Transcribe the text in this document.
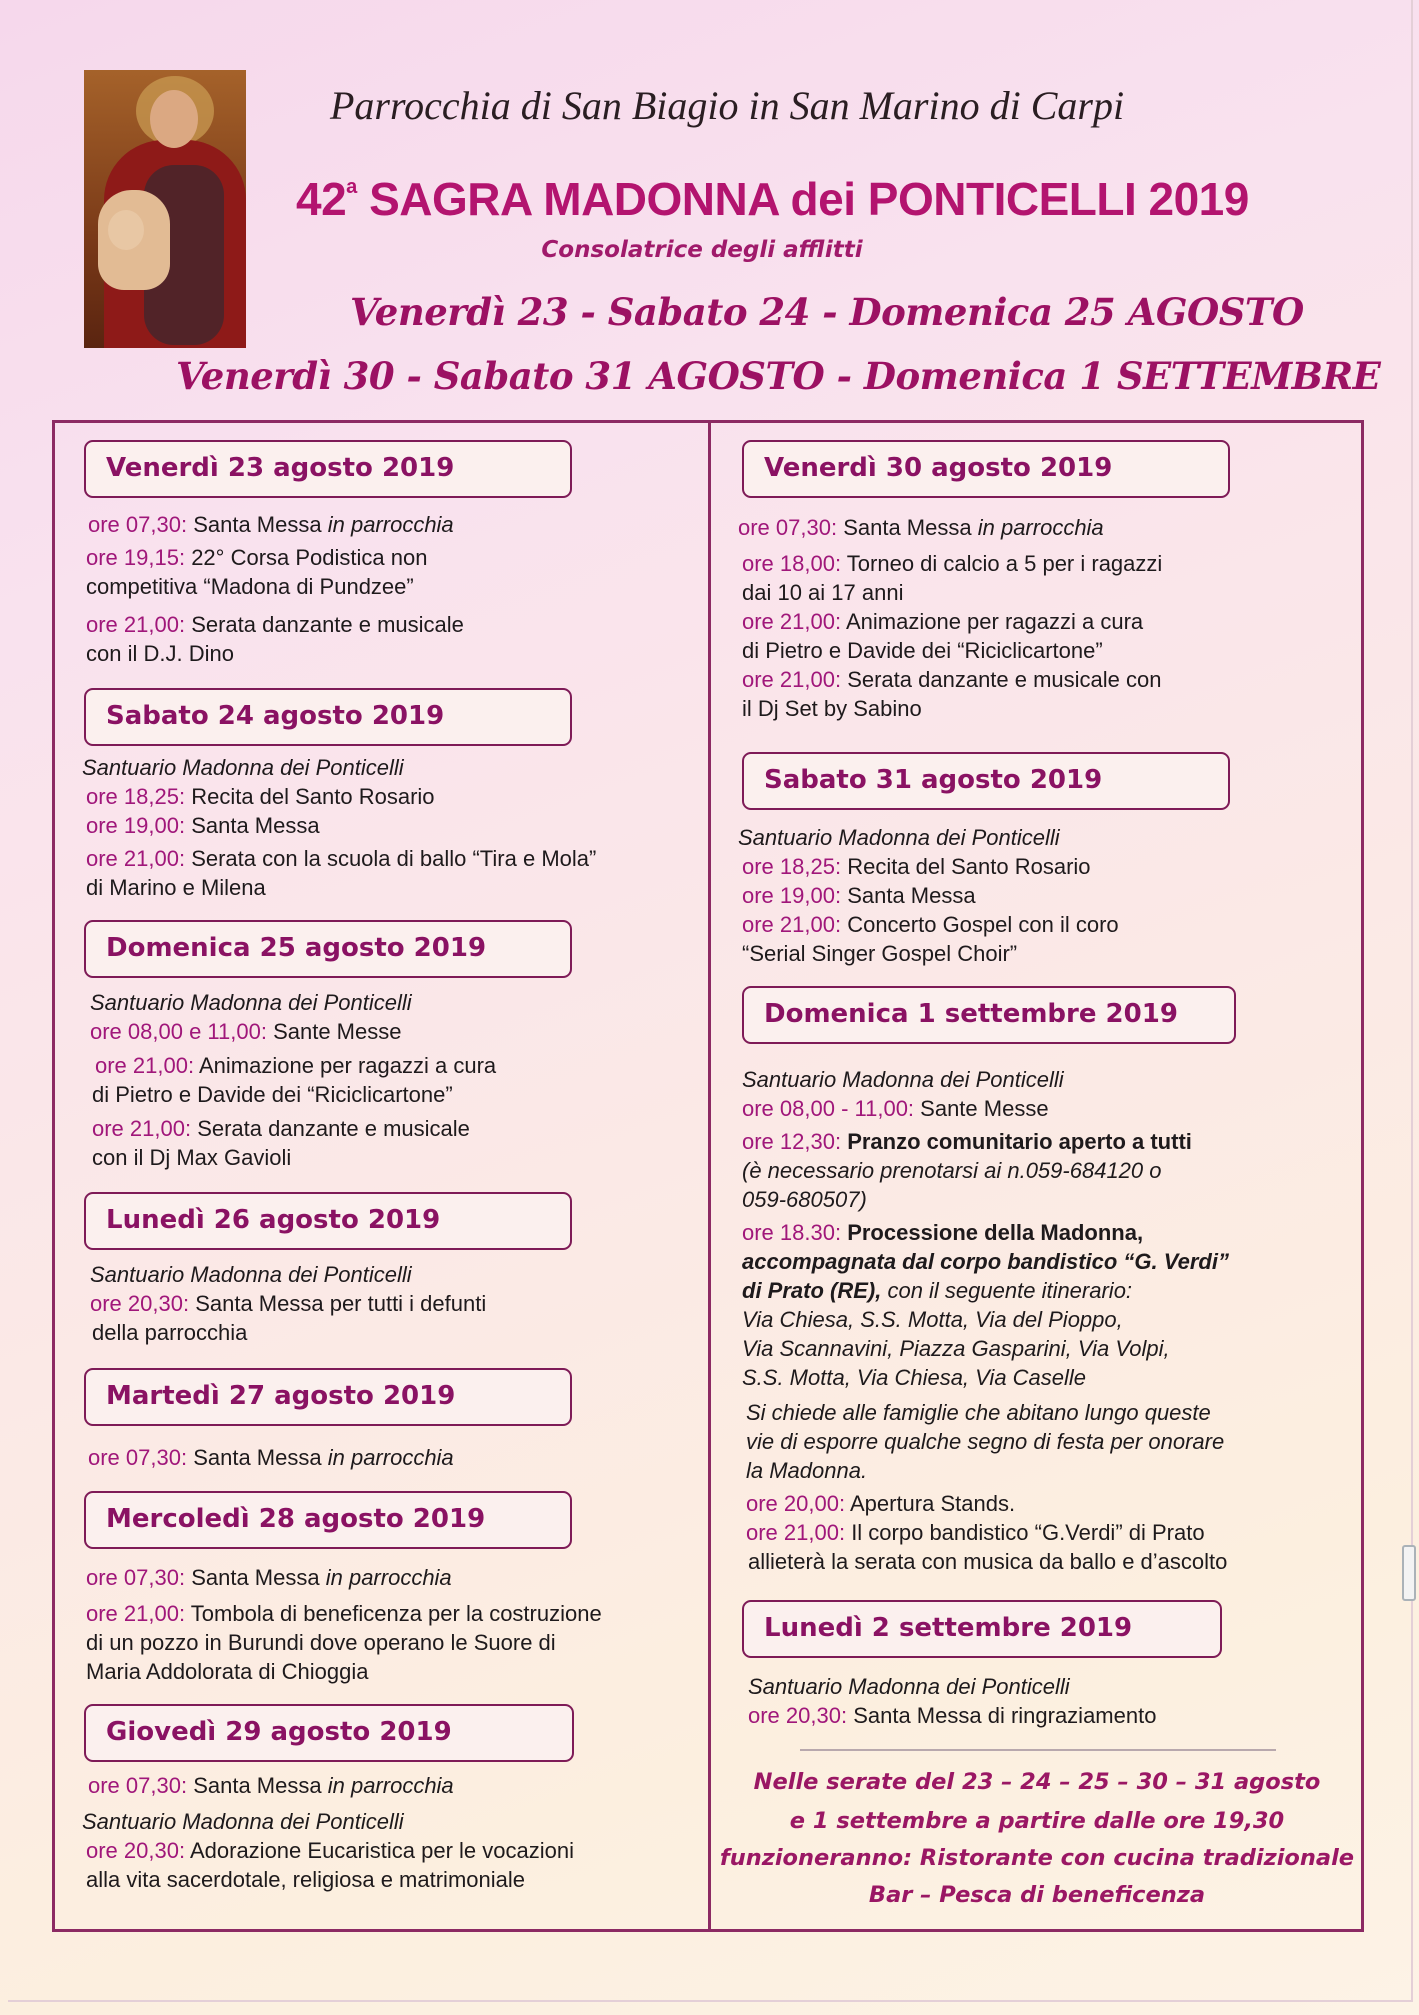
Parrocchia di San Biagio in San Marino di Carpi
42$^a$ SAGRA MADONNA dei PONTICELLI 2019
Consolatrice degli afflitti
Venerdì 23 - Sabato 24 - Domenica 25 AGOSTO
Venerdì 30 - Sabato 31 AGOSTO - Domenica 1 SETTEMBRE
Venerdì 23 agosto 2019
ore 07,30: Santa Messa in parrocchia
ore 19,15: 22° Corsa Podistica non
competitiva “Madona di Pundzee”
ore 21,00: Serata danzante e musicale
con il D.J. Dino
Sabato 24 agosto 2019
Santuario Madonna dei Ponticelli
ore 18,25: Recita del Santo Rosario
ore 19,00: Santa Messa
ore 21,00: Serata con la scuola di ballo “Tira e Mola”
di Marino e Milena
Domenica 25 agosto 2019
Santuario Madonna dei Ponticelli
ore 08,00 e 11,00: Sante Messe
ore 21,00: Animazione per ragazzi a cura
di Pietro e Davide dei “Riciclicartone”
ore 21,00: Serata danzante e musicale
con il Dj Max Gavioli
Lunedì 26 agosto 2019
Santuario Madonna dei Ponticelli
ore 20,30: Santa Messa per tutti i defunti
della parrocchia
Martedì 27 agosto 2019
ore 07,30: Santa Messa in parrocchia
Mercoledì 28 agosto 2019
ore 07,30: Santa Messa in parrocchia
ore 21,00: Tombola di beneficenza per la costruzione
di un pozzo in Burundi dove operano le Suore di
Maria Addolorata di Chioggia
Giovedì 29 agosto 2019
ore 07,30: Santa Messa in parrocchia
Santuario Madonna dei Ponticelli
ore 20,30: Adorazione Eucaristica per le vocazioni
alla vita sacerdotale, religiosa e matrimoniale
Venerdì 30 agosto 2019
ore 07,30: Santa Messa in parrocchia
ore 18,00: Torneo di calcio a 5 per i ragazzi
dai 10 ai 17 anni
ore 21,00: Animazione per ragazzi a cura
di Pietro e Davide dei “Riciclicartone”
ore 21,00: Serata danzante e musicale con
il Dj Set by Sabino
Sabato 31 agosto 2019
Santuario Madonna dei Ponticelli
ore 18,25: Recita del Santo Rosario
ore 19,00: Santa Messa
ore 21,00: Concerto Gospel con il coro
“Serial Singer Gospel Choir”
Domenica 1 settembre 2019
Santuario Madonna dei Ponticelli
ore 08,00 - 11,00: Sante Messe
ore 12,30: Pranzo comunitario aperto a tutti
(è necessario prenotarsi ai n.059-684120 o
059-680507)
ore 18.30: Processione della Madonna,
accompagnata dal corpo bandistico “G. Verdi”
di Prato (RE), con il seguente itinerario:
Via Chiesa, S.S. Motta, Via del Pioppo,
Via Scannavini, Piazza Gasparini, Via Volpi,
S.S. Motta, Via Chiesa, Via Caselle
Si chiede alle famiglie che abitano lungo queste
vie di esporre qualche segno di festa per onorare
la Madonna.
ore 20,00: Apertura Stands.
ore 21,00: Il corpo bandistico “G.Verdi” di Prato
allieterà la serata con musica da ballo e d’ascolto
Lunedì 2 settembre 2019
Santuario Madonna dei Ponticelli
ore 20,30: Santa Messa di ringraziamento
Nelle serate del 23 – 24 – 25 – 30 – 31 agosto
e 1 settembre a partire dalle ore 19,30
funzioneranno: Ristorante con cucina tradizionale
Bar – Pesca di beneficenza
